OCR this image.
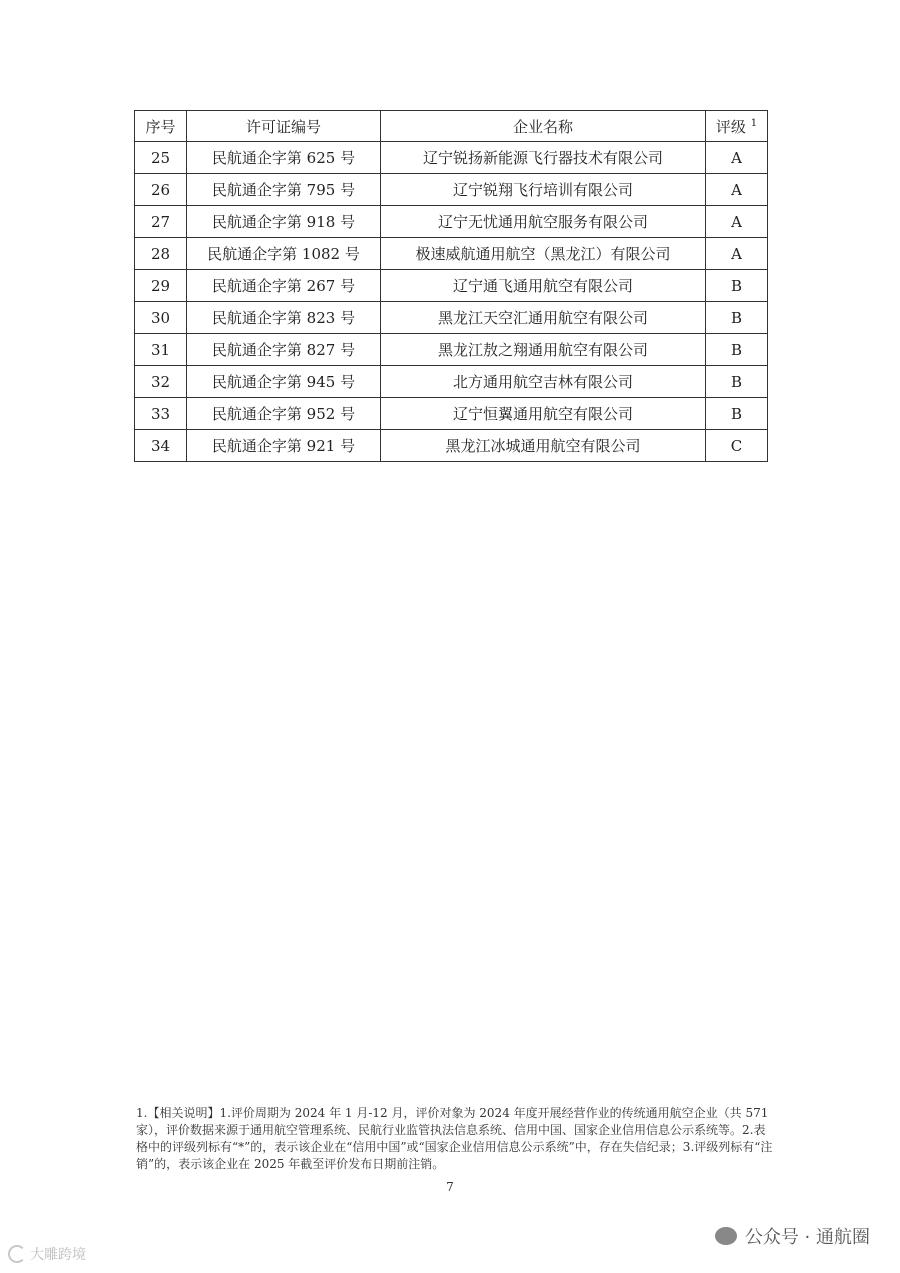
序号	许可证编号	企业名称	评级 $^1$
25	民航通企字第 625 号	辽宁锐扬新能源飞行器技术有限公司	A
26	民航通企字第 795 号	辽宁锐翔飞行培训有限公司	A
27	民航通企字第 918 号	辽宁无忧通用航空服务有限公司	A
28	民航通企字第 1082 号	极速威航通用航空（黑龙江）有限公司	A
29	民航通企字第 267 号	辽宁通飞通用航空有限公司	B
30	民航通企字第 823 号	黑龙江天空汇通用航空有限公司	B
31	民航通企字第 827 号	黑龙江敖之翔通用航空有限公司	B
32	民航通企字第 945 号	北方通用航空吉林有限公司	B
33	民航通企字第 952 号	辽宁恒翼通用航空有限公司	B
34	民航通企字第 921 号	黑龙江冰城通用航空有限公司	C
1.【相关说明】1.评价周期为 2024 年 1 月-12 月，评价对象为 2024 年度开展经营作业的传统通用航空企业（共 571 家），评价数据来源于通用航空管理系统、民航行业监管执法信息系统、信用中国、国家企业信用信息公示系统等。2.表格中的评级列标有“*”的，表示该企业在“信用中国”或“国家企业信用信息公示系统”中，存在失信纪录；3.评级列标有“注销”的，表示该企业在 2025 年截至评价发布日期前注销。
7
公众号 · 通航圈
大雕跨境
